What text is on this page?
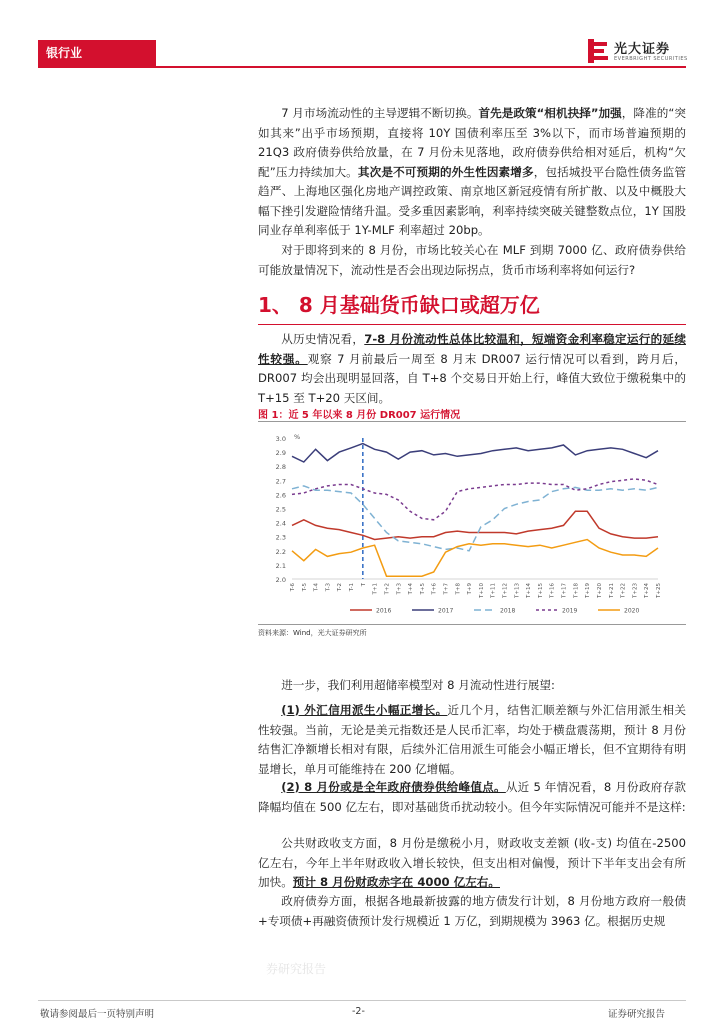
银行业	光大证券
EVERBRIGHT SECURITIES
7 月市场流动性的主导逻辑不断切换。首先是政策“相机抉择”加强，降准的“突如其来”出乎市场预期，直接将 10Y 国债利率压至 3%以下，而市场普遍预期的 21Q3 政府债券供给放量，在 7 月份未见落地，政府债券供给相对延后，机构“欠配”压力持续加大。其次是不可预期的外生性因素增多，包括城投平台隐性债务监管趋严、上海地区强化房地产调控政策、南京地区新冠疫情有所扩散、以及中概股大幅下挫引发避险情绪升温。受多重因素影响，利率持续突破关键整数点位，1Y 国股同业存单利率低于 1Y-MLF 利率超过 20bp。
对于即将到来的 8 月份，市场比较关心在 MLF 到期 7000 亿、政府债券供给可能放量情况下，流动性是否会出现边际拐点，货币市场利率将如何运行?
1、 8 月基础货币缺口或超万亿
从历史情况看，7-8 月份流动性总体比较温和，短端资金利率稳定运行的延续性较强。观察 7 月前最后一周至 8 月末 DR007 运行情况可以看到，跨月后，DR007 均会出现明显回落，自 T+8 个交易日开始上行，峰值大致位于缴税集中的 T+15 至 T+20 天区间。
图 1：近 5 年以来 8 月份 DR007 运行情况
3.0
2.9
2.8
2.7
2.6
2.5
2.4
2.3
2.2
2.1
2.0
%
T-6 T-5 T-4 T-3 T-2 T-1 T T+1 T+2 T+3 T+4 T+5 T+6 T+7 T+8 T+9 T+10 T+11 T+12 T+13 T+14 T+15 T+16 T+17 T+18 T+19 T+20 T+21 T+22 T+23 T+24 T+25
2016	2017	2018	2019	2020
资料来源：Wind，光大证券研究所
进一步，我们利用超储率模型对 8 月流动性进行展望:
(1) 外汇信用派生小幅正增长。近几个月，结售汇顺差额与外汇信用派生相关性较强。当前，无论是美元指数还是人民币汇率，均处于横盘震荡期，预计 8 月份结售汇净额增长相对有限，后续外汇信用派生可能会小幅正增长，但不宜期待有明显增长，单月可能维持在 200 亿增幅。
(2) 8 月份或是全年政府债券供给峰值点。从近 5 年情况看，8 月份政府存款降幅均值在 500 亿左右，即对基础货币扰动较小。但今年实际情况可能并不是这样:
公共财政收支方面，8 月份是缴税小月，财政收支差额 (收-支) 均值在-2500 亿左右，今年上半年财政收入增长较快，但支出相对偏慢，预计下半年支出会有所加快。预计 8 月份财政赤字在 4000 亿左右。
政府债券方面，根据各地最新披露的地方债发行计划，8 月份地方政府一般债+专项债+再融资债预计发行规模近 1 万亿，到期规模为 3963 亿。根据历史规
券研究报告
敬请参阅最后一页特别声明	-2-	证券研究报告
